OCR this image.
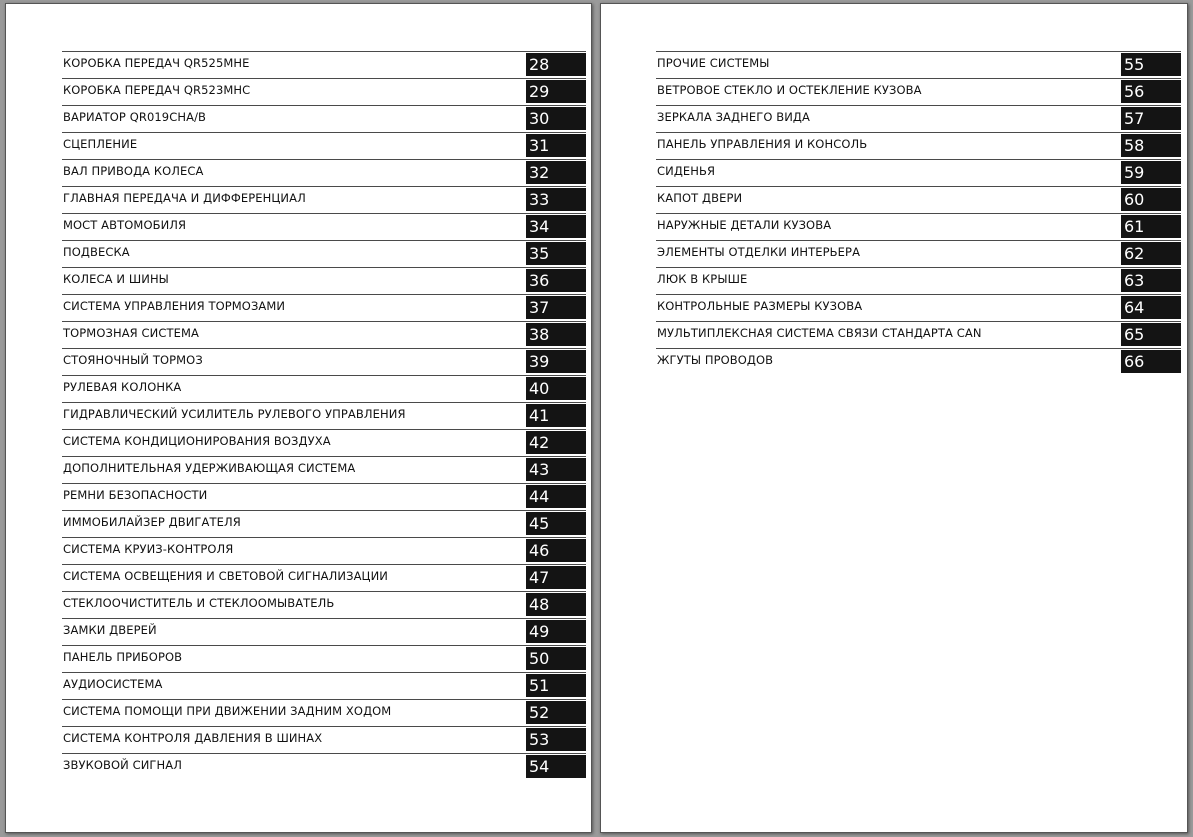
КОРОБКА ПЕРЕДАЧ QR525MHE	28
КОРОБКА ПЕРЕДАЧ QR523MHC	29
ВАРИАТОР QR019CHA/B	30
СЦЕПЛЕНИЕ	31
ВАЛ ПРИВОДА КОЛЕСА	32
ГЛАВНАЯ ПЕРЕДАЧА И ДИФФЕРЕНЦИАЛ	33
МОСТ АВТОМОБИЛЯ	34
ПОДВЕСКА	35
КОЛЕСА И ШИНЫ	36
СИСТЕМА УПРАВЛЕНИЯ ТОРМОЗАМИ	37
ТОРМОЗНАЯ СИСТЕМА	38
СТОЯНОЧНЫЙ ТОРМОЗ	39
РУЛЕВАЯ КОЛОНКА	40
ГИДРАВЛИЧЕСКИЙ УСИЛИТЕЛЬ РУЛЕВОГО УПРАВЛЕНИЯ	41
СИСТЕМА КОНДИЦИОНИРОВАНИЯ ВОЗДУХА	42
ДОПОЛНИТЕЛЬНАЯ УДЕРЖИВАЮЩАЯ СИСТЕМА	43
РЕМНИ БЕЗОПАСНОСТИ	44
ИММОБИЛАЙЗЕР ДВИГАТЕЛЯ	45
СИСТЕМА КРУИЗ-КОНТРОЛЯ	46
СИСТЕМА ОСВЕЩЕНИЯ И СВЕТОВОЙ СИГНАЛИЗАЦИИ	47
СТЕКЛООЧИСТИТЕЛЬ И СТЕКЛООМЫВАТЕЛЬ	48
ЗАМКИ ДВЕРЕЙ	49
ПАНЕЛЬ ПРИБОРОВ	50
АУДИОСИСТЕМА	51
СИСТЕМА ПОМОЩИ ПРИ ДВИЖЕНИИ ЗАДНИМ ХОДОМ	52
СИСТЕМА КОНТРОЛЯ ДАВЛЕНИЯ В ШИНАХ	53
ЗВУКОВОЙ СИГНАЛ	54
ПРОЧИЕ СИСТЕМЫ	55
ВЕТРОВОЕ СТЕКЛО И ОСТЕКЛЕНИЕ КУЗОВА	56
ЗЕРКАЛА ЗАДНЕГО ВИДА	57
ПАНЕЛЬ УПРАВЛЕНИЯ И КОНСОЛЬ	58
СИДЕНЬЯ	59
КАПОТ ДВЕРИ	60
НАРУЖНЫЕ ДЕТАЛИ КУЗОВА	61
ЭЛЕМЕНТЫ ОТДЕЛКИ ИНТЕРЬЕРА	62
ЛЮК В КРЫШЕ	63
КОНТРОЛЬНЫЕ РАЗМЕРЫ КУЗОВА	64
МУЛЬТИПЛЕКСНАЯ СИСТЕМА СВЯЗИ СТАНДАРТА CAN	65
ЖГУТЫ ПРОВОДОВ	66
